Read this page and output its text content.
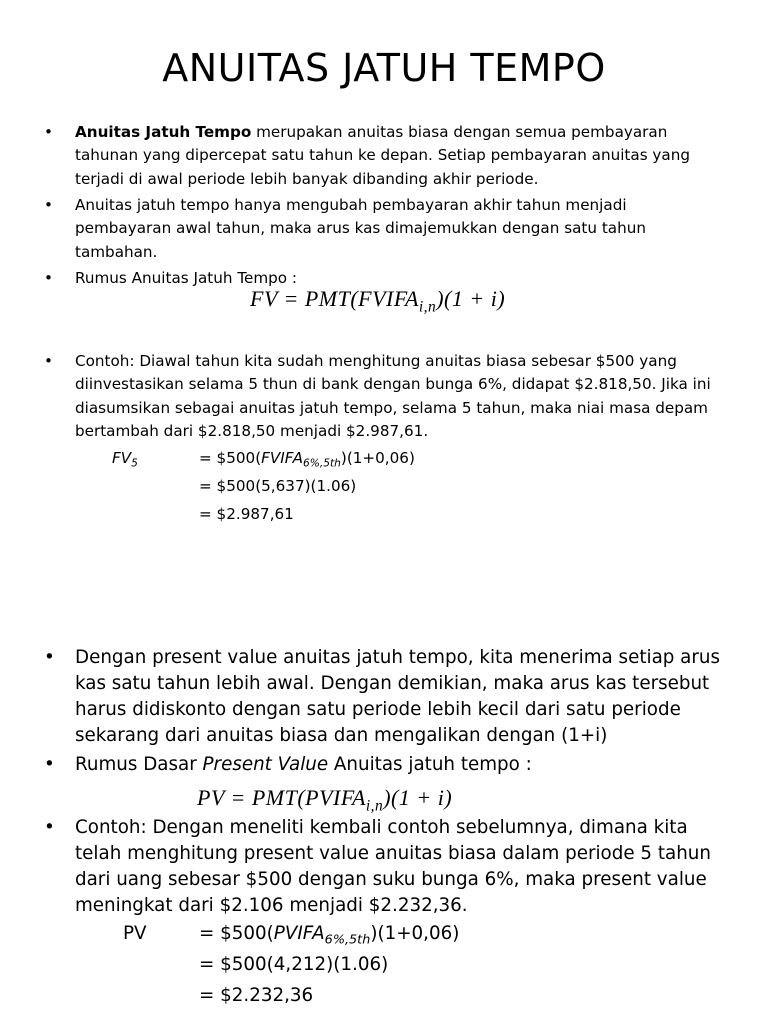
ANUITAS JATUH TEMPO
• Anuitas Jatuh Tempo merupakan anuitas biasa dengan semua pembayaran tahunan yang dipercepat satu tahun ke depan. Setiap pembayaran anuitas yang terjadi di awal periode lebih banyak dibanding akhir periode.
• Anuitas jatuh tempo hanya mengubah pembayaran akhir tahun menjadi pembayaran awal tahun, maka arus kas dimajemukkan dengan satu tahun tambahan.
• Rumus Anuitas Jatuh Tempo :
FV = $PMT(FVIFA_{i,n})(1 + i)$
• Contoh: Diawal tahun kita sudah menghitung anuitas biasa sebesar $500 yang diinvestasikan selama 5 thun di bank dengan bunga 6%, didapat $2.818,50. Jika ini diasumsikan sebagai anuitas jatuh tempo, selama 5 tahun, maka niai masa depam bertambah dari $2.818,50 menjadi $2.987,61.
$FV_5$	= $\$500(FVIFA_{6\%,5th})(1+0,06)$
= $500(5,637)(1.06)
= $2.987,61
• Dengan present value anuitas jatuh tempo, kita menerima setiap arus kas satu tahun lebih awal. Dengan demikian, maka arus kas tersebut harus didiskonto dengan satu periode lebih kecil dari satu periode sekarang dari anuitas biasa dan mengalikan dengan (1+i)
• Rumus Dasar Present Value Anuitas jatuh tempo :
PV = $PMT(PVIFA_{i,n})(1 + i)$
• Contoh: Dengan meneliti kembali contoh sebelumnya, dimana kita telah menghitung present value anuitas biasa dalam periode 5 tahun dari uang sebesar $500 dengan suku bunga 6%, maka present value meningkat dari $2.106 menjadi $2.232,36.
PV	= $\$500(PVIFA_{6\%,5th})(1+0,06)$
= $500(4,212)(1.06)
= $2.232,36
